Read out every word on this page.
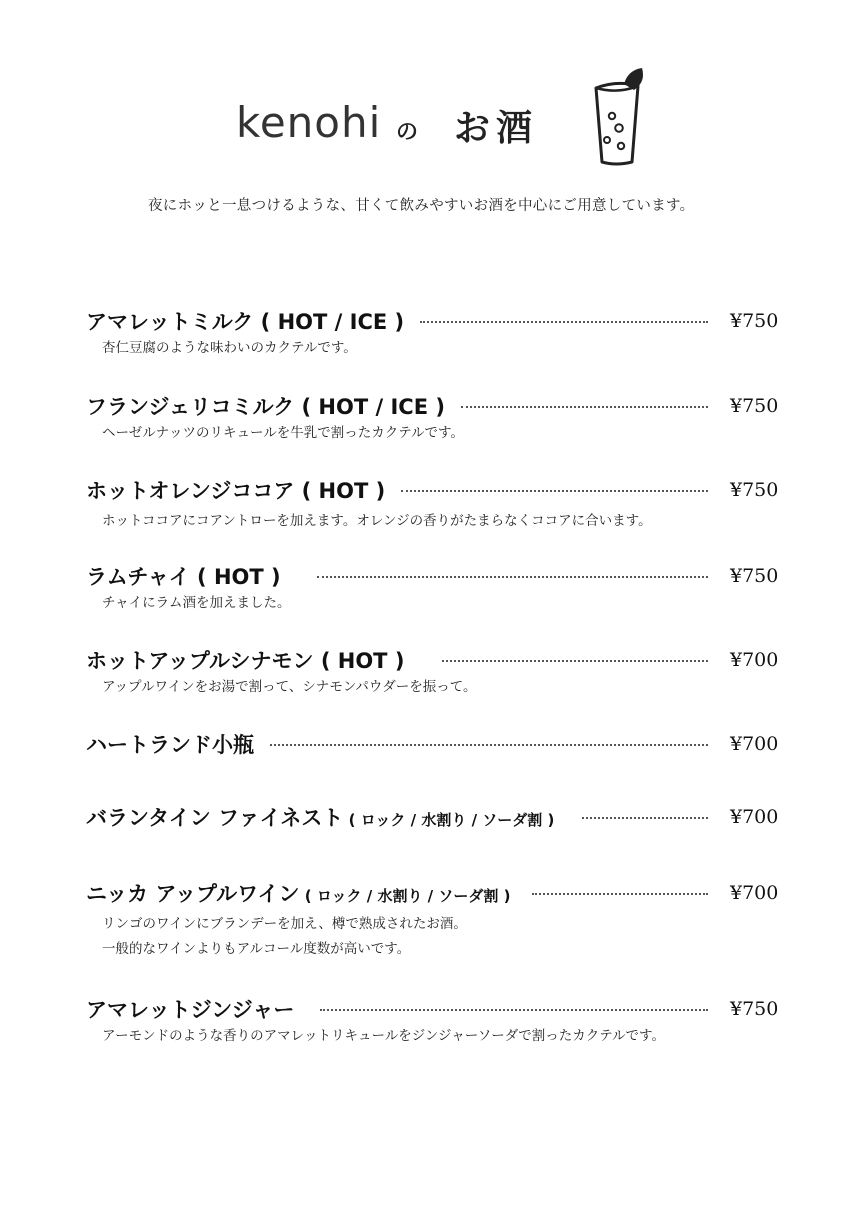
kenohi の お酒
夜にホッと一息つけるような、甘くて飲みやすいお酒を中心にご用意しています。
アマレットミルク ( HOT / ICE )	¥750
杏仁豆腐のような味わいのカクテルです。
フランジェリコミルク ( HOT / ICE )	¥750
ヘーゼルナッツのリキュールを牛乳で割ったカクテルです。
ホットオレンジココア ( HOT )	¥750
ホットココアにコアントローを加えます。オレンジの香りがたまらなくココアに合います。
ラムチャイ ( HOT )	¥750
チャイにラム酒を加えました。
ホットアップルシナモン ( HOT )	¥700
アップルワインをお湯で割って、シナモンパウダーを振って。
ハートランド小瓶	¥700
バランタイン ファイネスト ( ロック / 水割り / ソーダ割 )	¥700
ニッカ アップルワイン ( ロック / 水割り / ソーダ割 )	¥700
リンゴのワインにブランデーを加え、樽で熟成されたお酒。
一般的なワインよりもアルコール度数が高いです。
アマレットジンジャー	¥750
アーモンドのような香りのアマレットリキュールをジンジャーソーダで割ったカクテルです。
